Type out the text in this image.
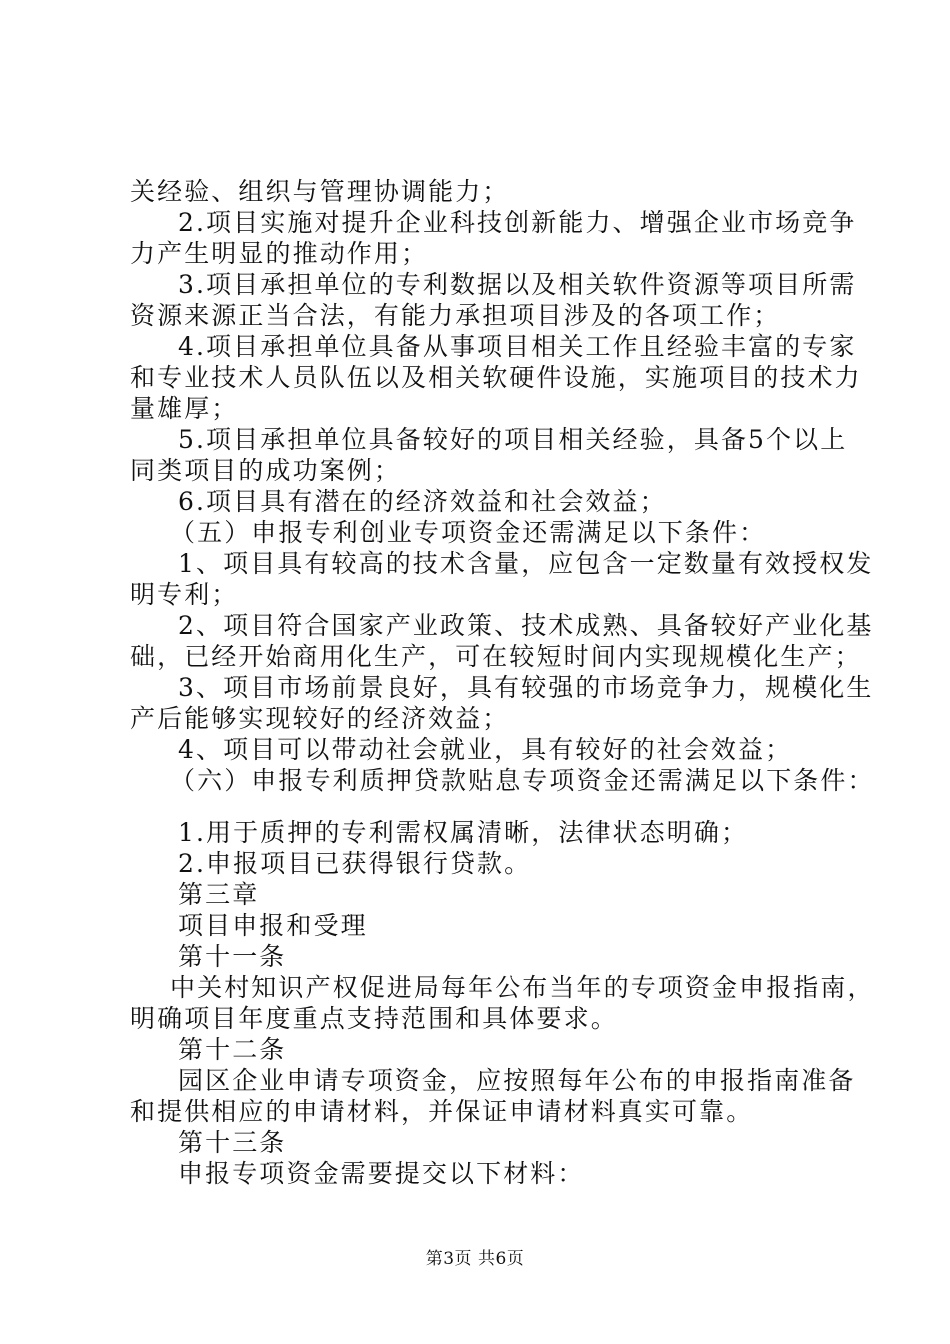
关经验、组织与管理协调能力；
2.项目实施对提升企业科技创新能力、增强企业市场竞争
力产生明显的推动作用；
3.项目承担单位的专利数据以及相关软件资源等项目所需
资源来源正当合法，有能力承担项目涉及的各项工作；
4.项目承担单位具备从事项目相关工作且经验丰富的专家
和专业技术人员队伍以及相关软硬件设施，实施项目的技术力
量雄厚；
5.项目承担单位具备较好的项目相关经验，具备5个以上
同类项目的成功案例；
6.项目具有潜在的经济效益和社会效益；
（五）申报专利创业专项资金还需满足以下条件：
1、项目具有较高的技术含量，应包含一定数量有效授权发
明专利；
2、项目符合国家产业政策、技术成熟、具备较好产业化基
础，已经开始商用化生产，可在较短时间内实现规模化生产；
3、项目市场前景良好，具有较强的市场竞争力，规模化生
产后能够实现较好的经济效益；
4、项目可以带动社会就业，具有较好的社会效益；
（六）申报专利质押贷款贴息专项资金还需满足以下条件：
1.用于质押的专利需权属清晰，法律状态明确；
2.申报项目已获得银行贷款。
第三章
项目申报和受理
第十一条
中关村知识产权促进局每年公布当年的专项资金申报指南，
明确项目年度重点支持范围和具体要求。
第十二条
园区企业申请专项资金，应按照每年公布的申报指南准备
和提供相应的申请材料，并保证申请材料真实可靠。
第十三条
申报专项资金需要提交以下材料：
第3页 共6页
